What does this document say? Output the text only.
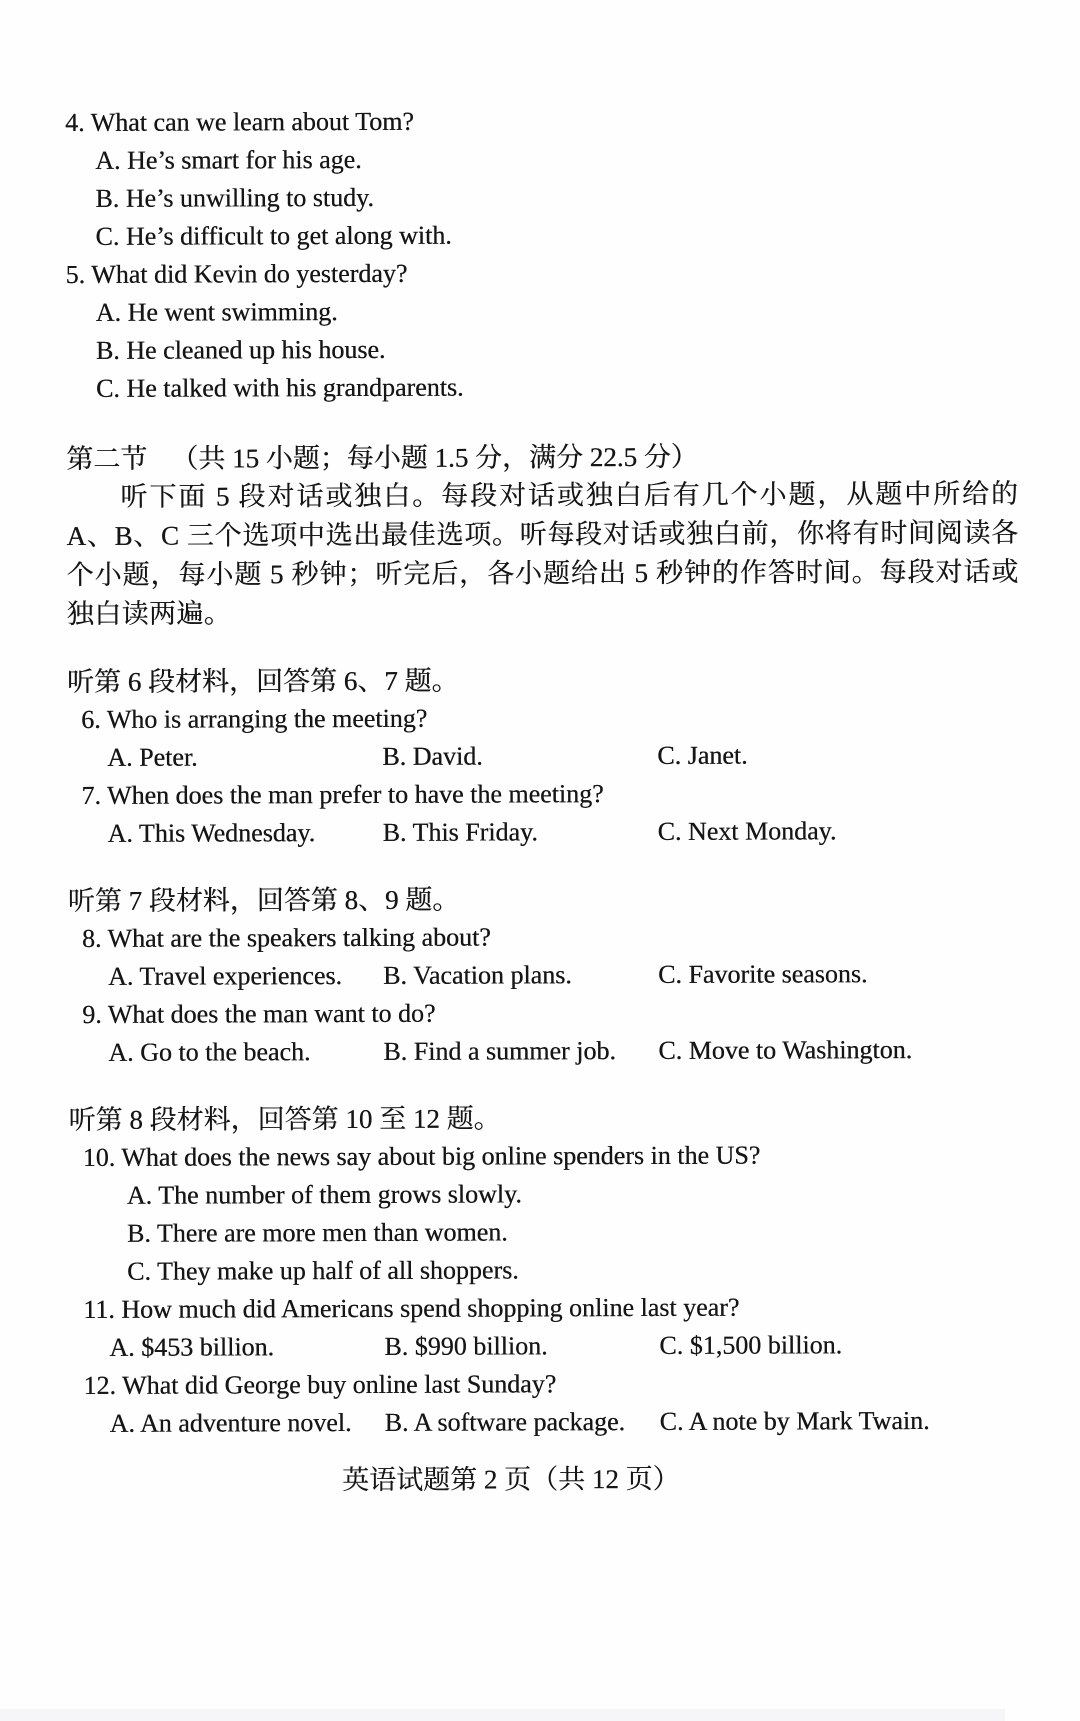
4. What can we learn about Tom?
A. He’s smart for his age.
B. He’s unwilling to study.
C. He’s difficult to get along with.
5. What did Kevin do yesterday?
A. He went swimming.
B. He cleaned up his house.
C. He talked with his grandparents.
第二节 （共 15 小题；每小题 1.5 分，满分 22.5 分）
听下面 5 段对话或独白。每段对话或独白后有几个小题，从题中所给的 A、B、C 三个选项中选出最佳选项。听每段对话或独白前，你将有时间阅读各个小题，每小题 5 秒钟；听完后，各小题给出 5 秒钟的作答时间。每段对话或独白读两遍。
听第 6 段材料，回答第 6、7 题。
6. Who is arranging the meeting?
A. Peter.	B. David.	C. Janet.
7. When does the man prefer to have the meeting?
A. This Wednesday.	B. This Friday.	C. Next Monday.
听第 7 段材料，回答第 8、9 题。
8. What are the speakers talking about?
A. Travel experiences.	B. Vacation plans.	C. Favorite seasons.
9. What does the man want to do?
A. Go to the beach.	B. Find a summer job.	C. Move to Washington.
听第 8 段材料，回答第 10 至 12 题。
10. What does the news say about big online spenders in the US?
A. The number of them grows slowly.
B. There are more men than women.
C. They make up half of all shoppers.
11. How much did Americans spend shopping online last year?
A. $453 billion.	B. $990 billion.	C. $1,500 billion.
12. What did George buy online last Sunday?
A. An adventure novel.	B. A software package.	C. A note by Mark Twain.
英语试题第 2 页（共 12 页）
